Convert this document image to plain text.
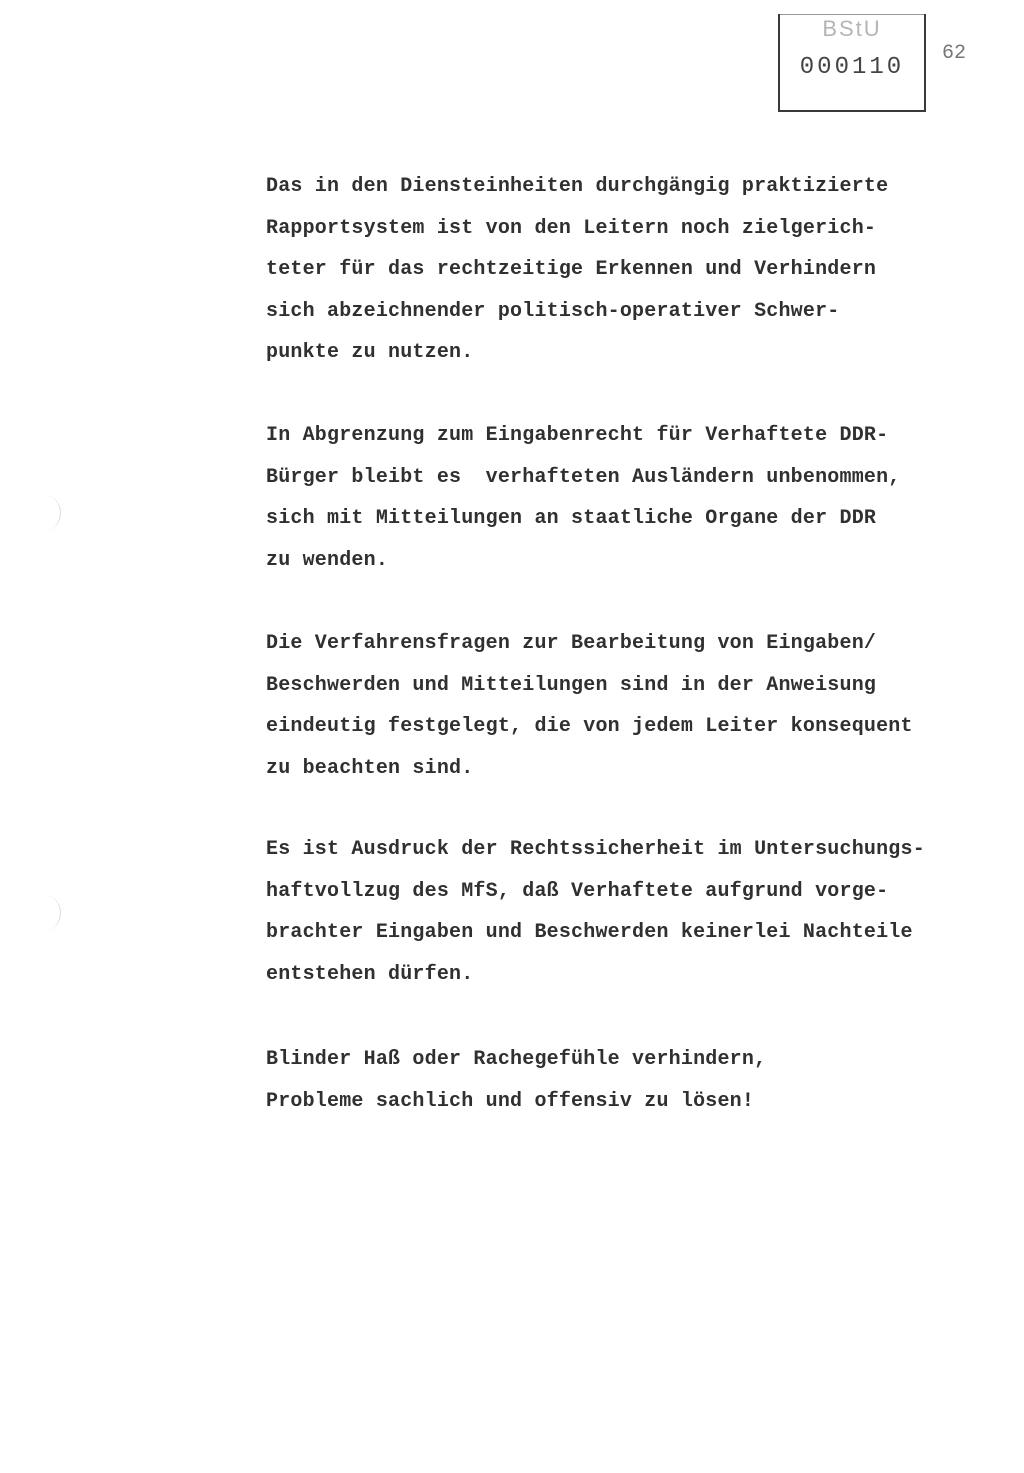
BStU
000110
62
Das in den Diensteinheiten durchgängig praktizierte
Rapportsystem ist von den Leitern noch zielgerich-
teter für das rechtzeitige Erkennen und Verhindern
sich abzeichnender politisch-operativer Schwer-
punkte zu nutzen.
In Abgrenzung zum Eingabenrecht für Verhaftete DDR-
Bürger bleibt es  verhafteten Ausländern unbenommen,
sich mit Mitteilungen an staatliche Organe der DDR
zu wenden.
Die Verfahrensfragen zur Bearbeitung von Eingaben/
Beschwerden und Mitteilungen sind in der Anweisung
eindeutig festgelegt, die von jedem Leiter konsequent
zu beachten sind.
Es ist Ausdruck der Rechtssicherheit im Untersuchungs-
haftvollzug des MfS, daß Verhaftete aufgrund vorge-
brachter Eingaben und Beschwerden keinerlei Nachteile
entstehen dürfen.
Blinder Haß oder Rachegefühle verhindern,
Probleme sachlich und offensiv zu lösen!
